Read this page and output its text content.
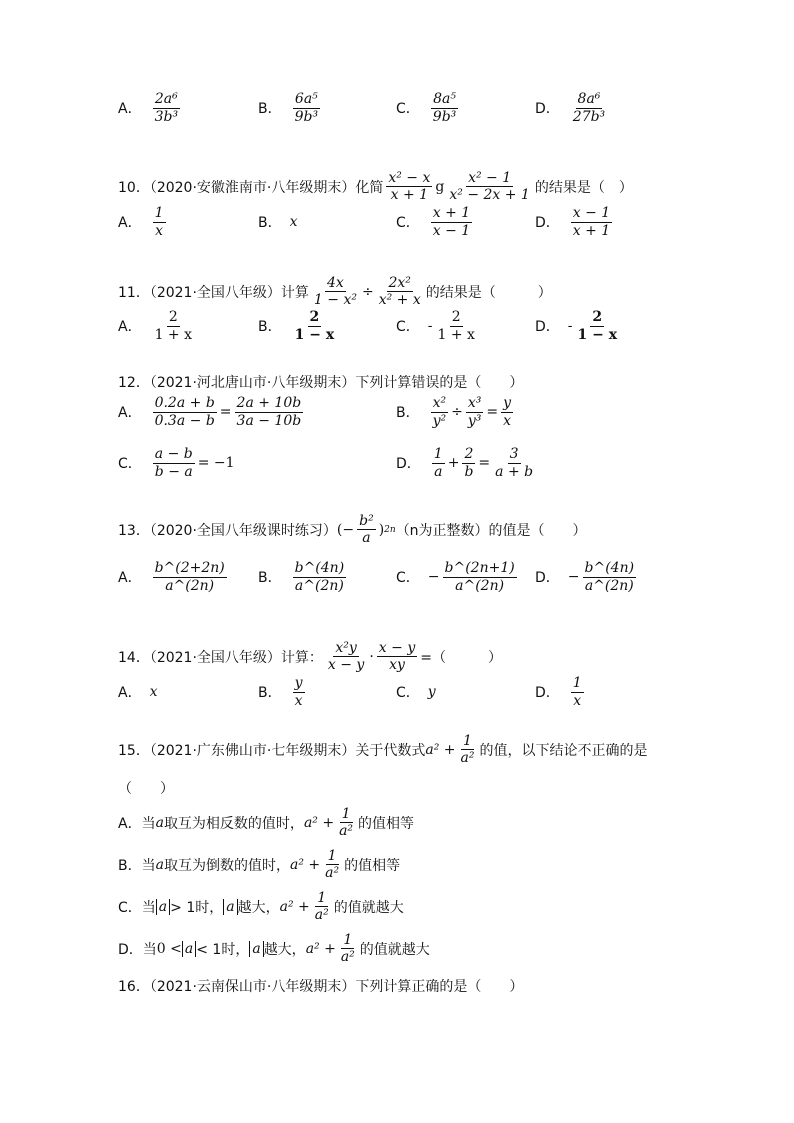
A． $\frac{\text{2a⁶}}{\text{3b³}}$	B． $\frac{\text{6a⁵}}{\text{9b³}}$	C． $\frac{\text{8a⁵}}{\text{9b³}}$	D． $\frac{\text{8a⁶}}{\text{27b³}}$
10．（2020·安徽淮南市·八年级期末）化简 $\frac{\text{x² − x}}{x + 1}$ g $\frac{\text{x² − 1}}{\text{x² − 2x + 1}}$ 的结果是（　）
A． $\frac{1}{x}$	B． x	C． $\frac{x + 1}{x - 1}$	D． $\frac{x - 1}{x + 1}$
11．（2021·全国八年级）计算 $\frac{4x}{\text{1 − x²}} \div \frac{\text{2x²}}{\text{x² + x}}$ 的结果是（　　　）
A． $\frac{2}{1 + x}$	B． $\frac{2}{1 - x}$	C． - $\frac{2}{1 + x}$	D． - $\frac{2}{1 - x}$
12．（2021·河北唐山市·八年级期末）下列计算错误的是（　　）
A． $\frac{0.2a + b}{0.3a - b} = \frac{2a + 10b}{3a - 10b}$	B． $\frac{\text{x²}}{\text{y²}} \div \frac{\text{x³}}{\text{y³}} = \frac{y}{x}$
C． $\frac{a - b}{b - a} = -1$	D． $\frac{1}{a} + \frac{2}{b} = \frac{3}{a + b}$
13．（2020·全国八年级课时练习） (− $\frac{\text{b²}}{a}$ ) 2n （n为正整数）的值是（　　）
A． $\frac{b\^{}(2+2n)}{a\^{}(2n)}$ B． $\frac{b\^{}(4n)}{a\^{}(2n)}$	C． − $\frac{b\^{}(2n+1)}{a\^{}(2n)}$ D． − $\frac{b\^{}(4n)}{a\^{}(2n)}$
14．（2021·全国八年级）计算： $\frac{\text{x²y}}{x - y} \cdot \frac{x - y}{xy}$ =（　　　）
A． x	B． $\frac{y}{x}$	C． y	D． $\frac{1}{x}$
15．（2021·广东佛山市·七年级期末）关于代数式 $a^2 + \frac{1}{\text{a²}}$ 的值，以下结论不正确的是
（　　）
A． 当 a 取互为相反数的值时， $a^2 + \frac{1}{\text{a²}}$ 的值相等
B． 当 a 取互为倒数的值时， $a^2 + \frac{1}{\text{a²}}$ 的值相等
C． 当 a > 1时， a 越大， $a^2 + \frac{1}{\text{a²}}$ 的值就越大
D． 当 0 < a < 1时， a 越大， $a^2 + \frac{1}{\text{a²}}$ 的值就越大
16．（2021·云南保山市·八年级期末）下列计算正确的是（　　）
